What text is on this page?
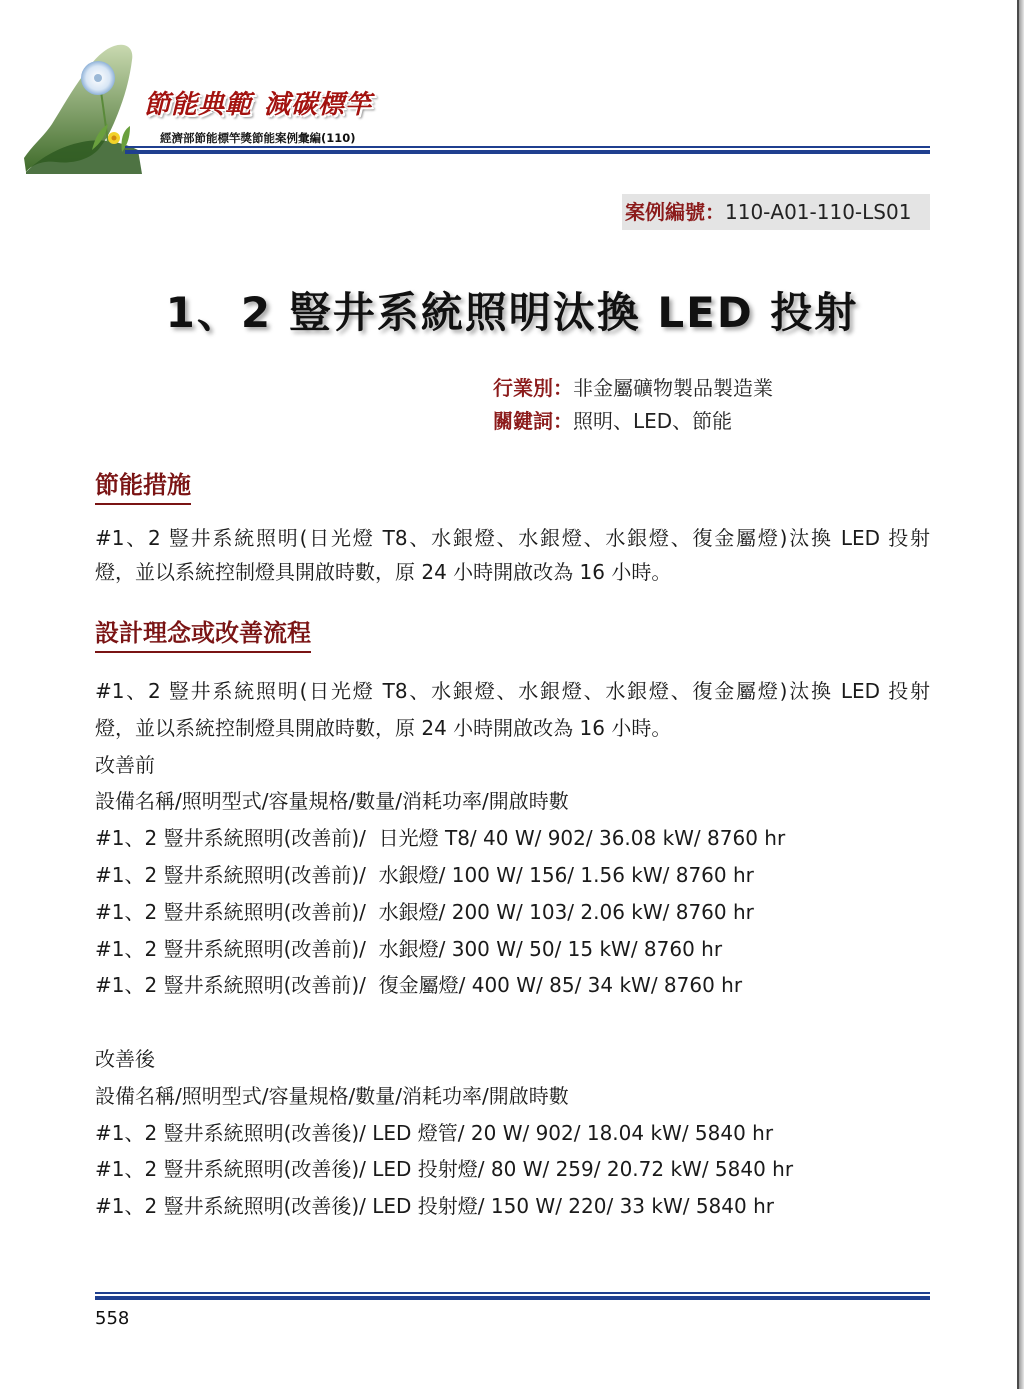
節能典範 減碳標竿
經濟部節能標竿獎節能案例彙編(110)
案例編號：110-A01-110-LS01
1、2 豎井系統照明汰換 LED 投射
行業別：非金屬礦物製品製造業
關鍵詞：照明、LED、節能
節能措施
#1、2 豎井系統照明(日光燈 T8、水銀燈、水銀燈、水銀燈、復金屬燈)汰換 LED 投射
燈，並以系統控制燈具開啟時數，原 24 小時開啟改為 16 小時。
設計理念或改善流程
#1、2 豎井系統照明(日光燈 T8、水銀燈、水銀燈、水銀燈、復金屬燈)汰換 LED 投射
燈，並以系統控制燈具開啟時數，原 24 小時開啟改為 16 小時。
改善前
設備名稱/照明型式/容量規格/數量/消耗功率/開啟時數
#1、2 豎井系統照明(改善前)/  日光燈 T8/ 40 W/ 902/ 36.08 kW/ 8760 hr
#1、2 豎井系統照明(改善前)/  水銀燈/ 100 W/ 156/ 1.56 kW/ 8760 hr
#1、2 豎井系統照明(改善前)/  水銀燈/ 200 W/ 103/ 2.06 kW/ 8760 hr
#1、2 豎井系統照明(改善前)/  水銀燈/ 300 W/ 50/ 15 kW/ 8760 hr
#1、2 豎井系統照明(改善前)/  復金屬燈/ 400 W/ 85/ 34 kW/ 8760 hr
改善後
設備名稱/照明型式/容量規格/數量/消耗功率/開啟時數
#1、2 豎井系統照明(改善後)/ LED 燈管/ 20 W/ 902/ 18.04 kW/ 5840 hr
#1、2 豎井系統照明(改善後)/ LED 投射燈/ 80 W/ 259/ 20.72 kW/ 5840 hr
#1、2 豎井系統照明(改善後)/ LED 投射燈/ 150 W/ 220/ 33 kW/ 5840 hr
558
